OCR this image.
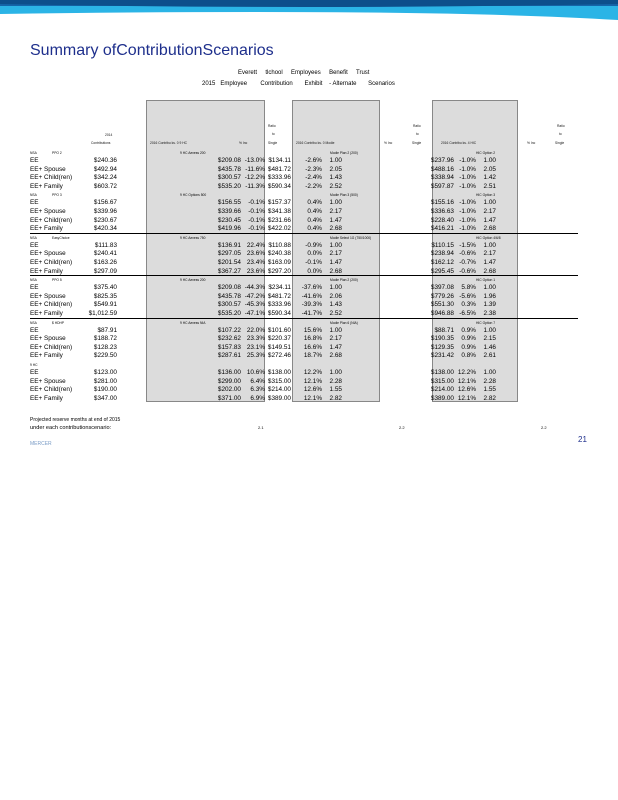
Summary ofContributionScenarios
Everett tlchool Employees Benefit Trust
2015 Employee Contribution Exhibit - Alternate Scenarios
2014
Contributions	2016 Contribu ks. 0 9 HC	% Inc
Ratio
to
Single	2016 Contribu ks. 0 Modie	% Inc
Ratio
to
Single	2016 Contribu ks. 4 HIC	% Inc
Ratio
to
Single
NSA	PPO 2	9 HC Aexess 200	Modie Plan 2 (200)	HIC Option 2
EE	$240.36	$209.08 -13.0% $134.11	-2.6%	1.00	$237.96 -1.0%	1.00
EE+ Spouse	$492.94	$435.78 -11.6% $481.72	-2.3%	2.05	$488.16 -1.0%	2.05
EE+ Child(ren)	$342.24	$300.57 -12.2% $333.96	-2.4%	1.43	$338.94 -1.0%	1.42
EE+ Family	$603.72	$535.20 -11.3% $590.34	-2.2%	2.52	$597.87 -1.0%	2.51
NSA	PPO 3	9 HC Options 500	Modie Plan 3 (500)	HIC Option 3
EE	$156.67	$156.55	-0.1% $157.37	0.4%	1.00	$155.16 -1.0%	1.00
EE+ Spouse	$339.96	$339.66	-0.1% $341.38	0.4%	2.17	$336.63 -1.0%	2.17
EE+ Child(ren)	$230.67	$230.45	-0.1% $231.66	0.4%	1.47	$228.40 -1.0%	1.47
EE+ Family	$420.34	$419.96	-0.1% $422.02	0.4%	2.68	$416.21 -1.0%	2.68
NSA	EasyChoice	9 HC Aexess 750	Modie Select 1G (750/1000)	HIC Option 4/6/8
EE	$111.83	$136.91 22.4% $110.88	-0.9%	1.00	$110.15 -1.5%	1.00
EE+ Spouse	$240.41	$297.05 23.6% $240.38	0.0%	2.17	$238.94 -0.6%	2.17
EE+ Child(ren)	$163.26	$201.54 23.4% $163.09	-0.1%	1.47	$162.12 -0.7%	1.47
EE+ Family	$297.09	$367.27 23.6% $297.20	0.0%	2.68	$295.45 -0.6%	2.68
NSA	PPO 5	9 HC Aexess 200	Modie Plan 2 (200)	HIC Option 1
EE	$375.40	$209.08 -44.3% $234.11	-37.6%	1.00	$397.08	5.8%	1.00
EE+ Spouse	$825.35	$435.78 -47.2% $481.72	-41.6%	2.06	$779.26 -5.6%	1.96
EE+ Child(ren)	$549.91	$300.57 -45.3% $333.96	-39.3%	1.43	$551.30	0.3%	1.39
EE+ Family	$1,012.59	$535.20 -47.1% $590.34	-41.7%	2.52	$946.88 -6.5%	2.38
NSA	$ HDHP	9 HC Aexess NIA	Modie Plan 6 (NIA)	HIC Option 7
EE	$87.91	$107.22 22.0% $101.60	15.6%	1.00	$88.71	0.9%	1.00
EE+ Spouse	$188.72	$232.62 23.3% $220.37	16.8%	2.17	$190.35	0.9%	2.15
EE+ Child(ren)	$128.23	$157.83 23.1% $149.51	16.6%	1.47	$129.35	0.9%	1.46
EE+ Family	$229.50	$287.61 25.3% $272.46	18.7%	2.68	$231.42	0.8%	2.61
9 HC
EE	$123.00	$136.00 10.6% $138.00	12.2%	1.00	$138.00 12.2%	1.00
EE+ Spouse	$281.00	$299.00	6.4% $315.00	12.1%	2.28	$315.00 12.1%	2.28
EE+ Child(ren)	$190.00	$202.00	6.3% $214.00	12.6%	1.55	$214.00 12.6%	1.55
EE+ Family	$347.00	$371.00	6.9% $389.00	12.1%	2.82	$389.00 12.1%	2.82
Projected reserve months at end of 2015
under each contributionscenario:	2.1	2.2	2.2
MERCER	21
